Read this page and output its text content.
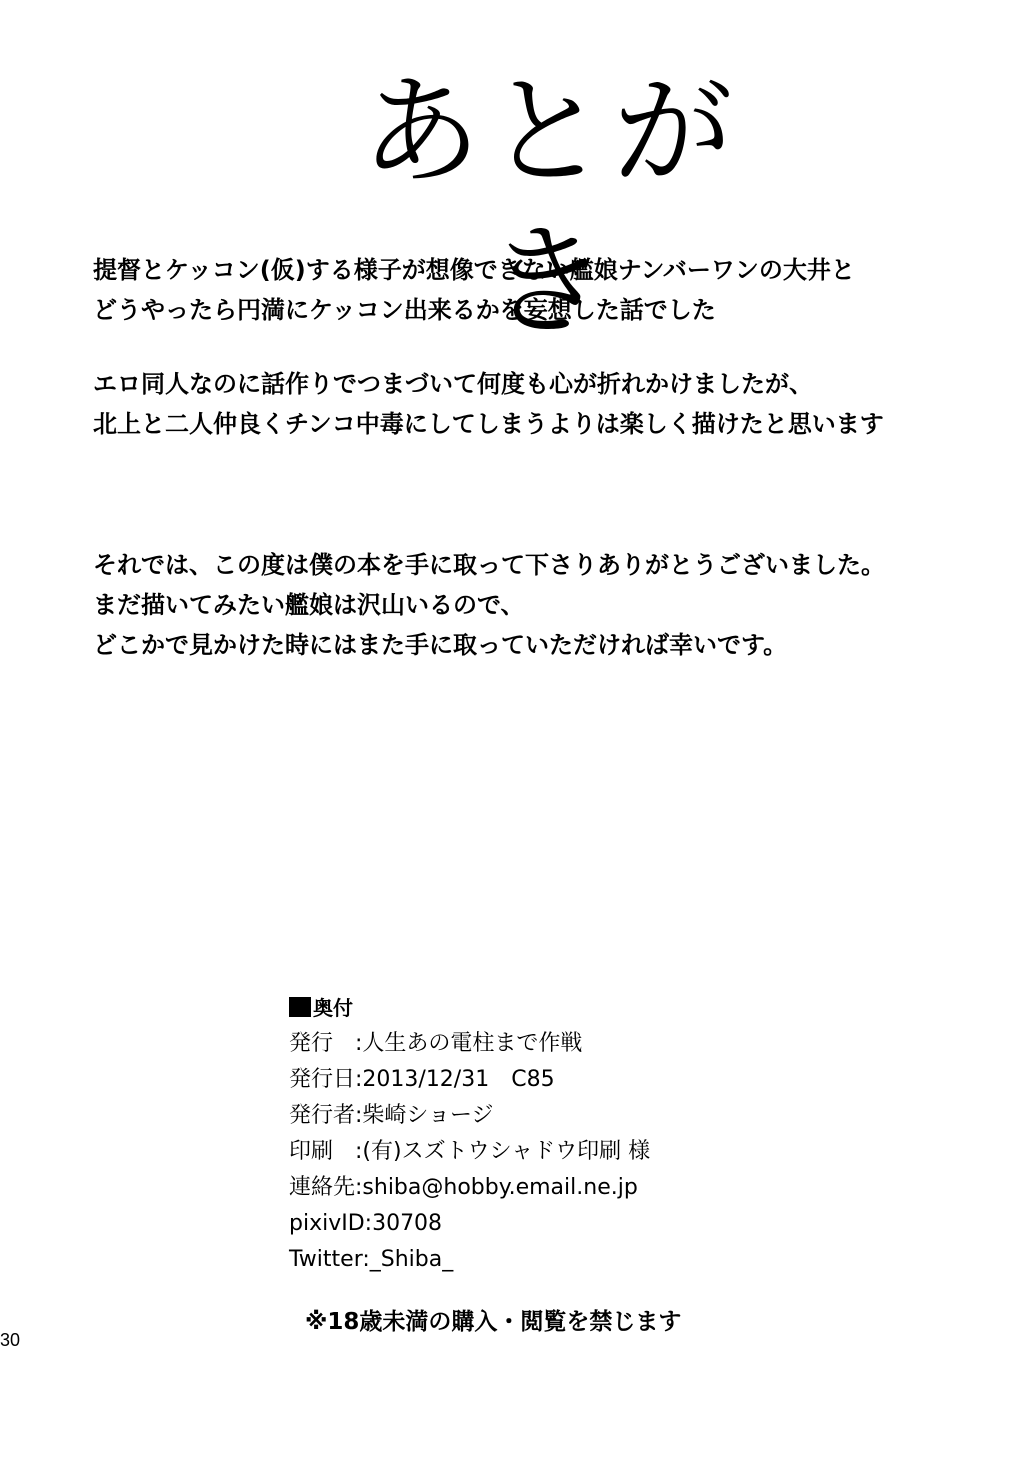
あとがき
提督とケッコン(仮)する様子が想像できない艦娘ナンバーワンの大井と
どうやったら円満にケッコン出来るかを妄想した話でした
エロ同人なのに話作りでつまづいて何度も心が折れかけましたが、
北上と二人仲良くチンコ中毒にしてしまうよりは楽しく描けたと思います
それでは、この度は僕の本を手に取って下さりありがとうございました。
まだ描いてみたい艦娘は沢山いるので、
どこかで見かけた時にはまた手に取っていただければ幸いです。
奥付
発行　:人生あの電柱まで作戦
発行日:2013/12/31　C85
発行者:柴崎ショージ
印刷　:(有)スズトウシャドウ印刷 様
連絡先:shiba@hobby.email.ne.jp
pixivID:30708
Twitter:_Shiba_
※18歳未満の購入・閲覧を禁じます
30
